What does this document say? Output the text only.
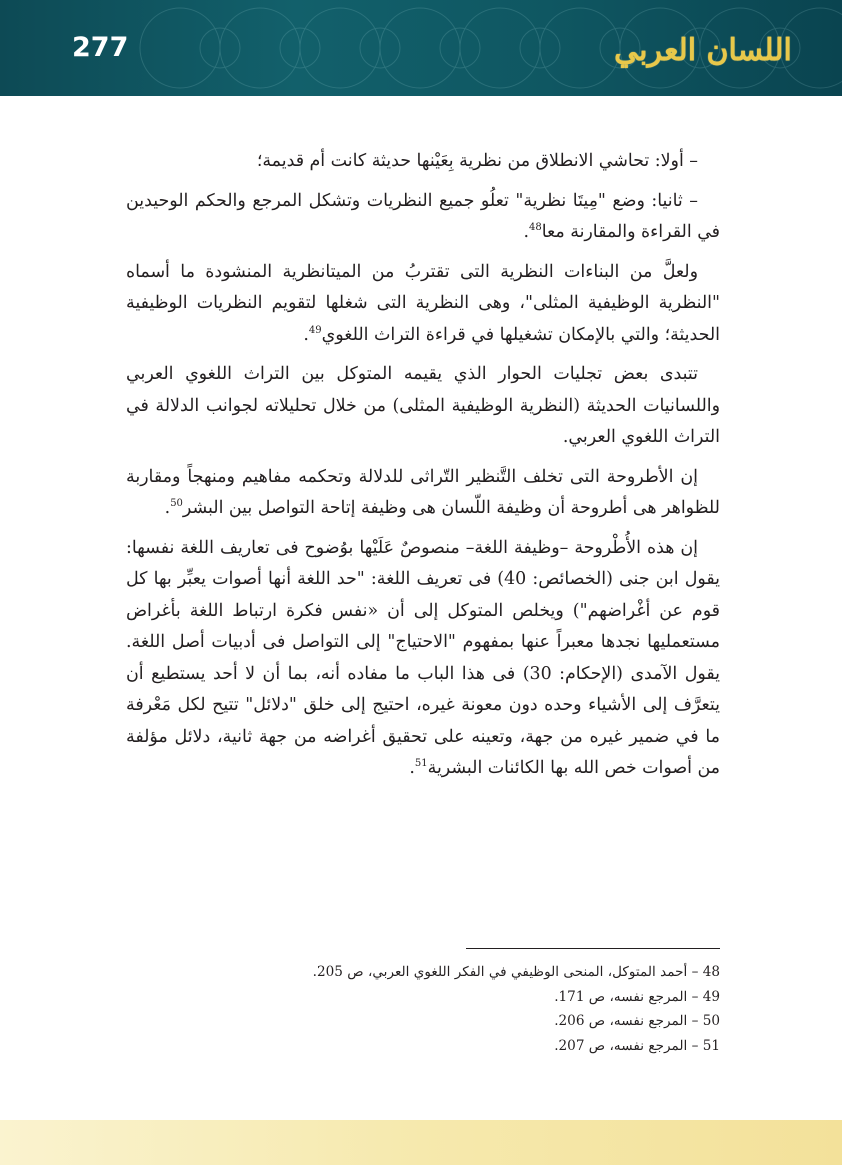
277	اللسان العربي

– أولا: تحاشي الانطلاق من نظرية بِعَيْنها حديثة كانت أم قديمة؛

– ثانيا: وضع "مِيتَا نظرية" تعلُو جميع النظريات وتشكل المرجع والحكم الوحيدين في القراءة والمقارنة معا$^{48}$.

ولعلَّ من البناءات النظرية التى تقتربُ من الميتانظرية المنشودة ما أسماه "النظرية الوظيفية المثلى"، وهى النظرية التى شغلها لتقويم النظريات الوظيفية الحديثة؛ والتي بالإمكان تشغيلها في قراءة التراث اللغوي$^{49}$.

تتبدى بعض تجليات الحوار الذي يقيمه المتوكل بين التراث اللغوي العربي واللسانيات الحديثة (النظرية الوظيفية المثلى) من خلال تحليلاته لجوانب الدلالة في التراث اللغوي العربي.

إن الأطروحة التى تخلف التَّنظير التّراثى للدلالة وتحكمه مفاهيم ومنهجاً ومقاربة للظواهر هى أطروحة أن وظيفة اللّسان هى وظيفة إتاحة التواصل بين البشر$^{50}$.

إن هذه الأُطْروحة –وظيفة اللغة– منصوصٌ عَلَيْها بوُضوح فى تعاريف اللغة نفسها: يقول ابن جنى (الخصائص: 40) فى تعريف اللغة: "حد اللغة أنها أصوات يعبِّر بها كل قوم عن أغْراضهم") ويخلص المتوكل إلى أن «نفس فكرة ارتباط اللغة بأغراض مستعمليها نجدها معبراً عنها بمفهوم "الاحتياج" إلى التواصل فى أدبيات أصل اللغة. يقول الآمدى (الإحكام: 30) فى هذا الباب ما مفاده أنه، بما أن لا أحد يستطيع أن يتعرَّف إلى الأشياء وحده دون معونة غيره، احتيج إلى خلق "دلائل" تتيح لكل مَعْرفة ما في ضمير غيره من جهة، وتعينه على تحقيق أغراضه من جهة ثانية، دلائل مؤلفة من أصوات خص الله بها الكائنات البشرية$^{51}$.

48 – أحمد المتوكل، المنحى الوظيفي في الفكر اللغوي العربي، ص 205.

49 – المرجع نفسه، ص 171.

50 – المرجع نفسه، ص 206.

51 – المرجع نفسه، ص 207.
